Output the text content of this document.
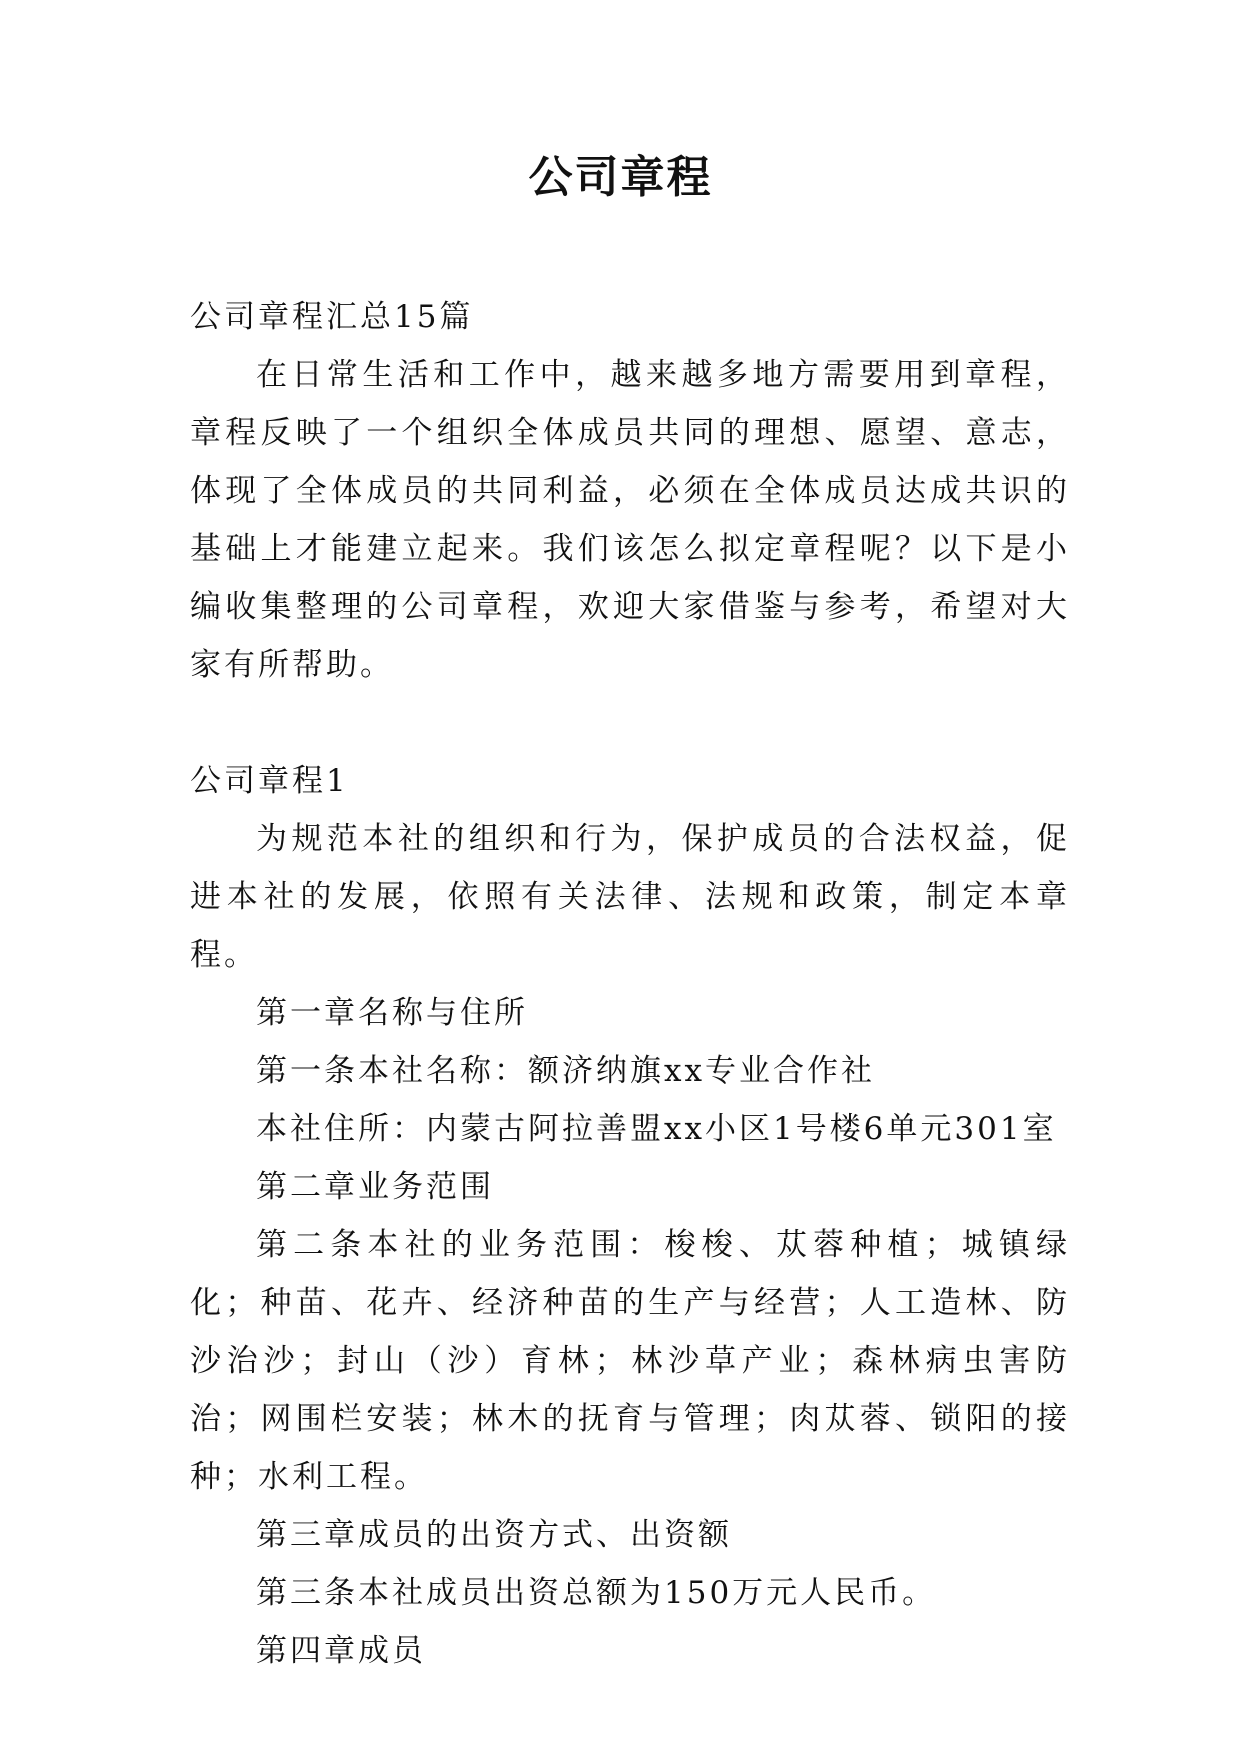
公司章程

公司章程汇总15篇

在日常生活和工作中，越来越多地方需要用到章程，章程反映了一个组织全体成员共同的理想、愿望、意志，体现了全体成员的共同利益，必须在全体成员达成共识的基础上才能建立起来。我们该怎么拟定章程呢？以下是小编收集整理的公司章程，欢迎大家借鉴与参考，希望对大家有所帮助。

公司章程1

为规范本社的组织和行为，保护成员的合法权益，促进本社的发展，依照有关法律、法规和政策，制定本章程。

第一章名称与住所

第一条本社名称：额济纳旗xx专业合作社

本社住所：内蒙古阿拉善盟xx小区1号楼6单元301室

第二章业务范围

第二条本社的业务范围：梭梭、苁蓉种植；城镇绿化；种苗、花卉、经济种苗的生产与经营；人工造林、防沙治沙；封山（沙）育林；林沙草产业；森林病虫害防治；网围栏安装；林木的抚育与管理；肉苁蓉、锁阳的接种；水利工程。

第三章成员的出资方式、出资额

第三条本社成员出资总额为150万元人民币。

第四章成员
